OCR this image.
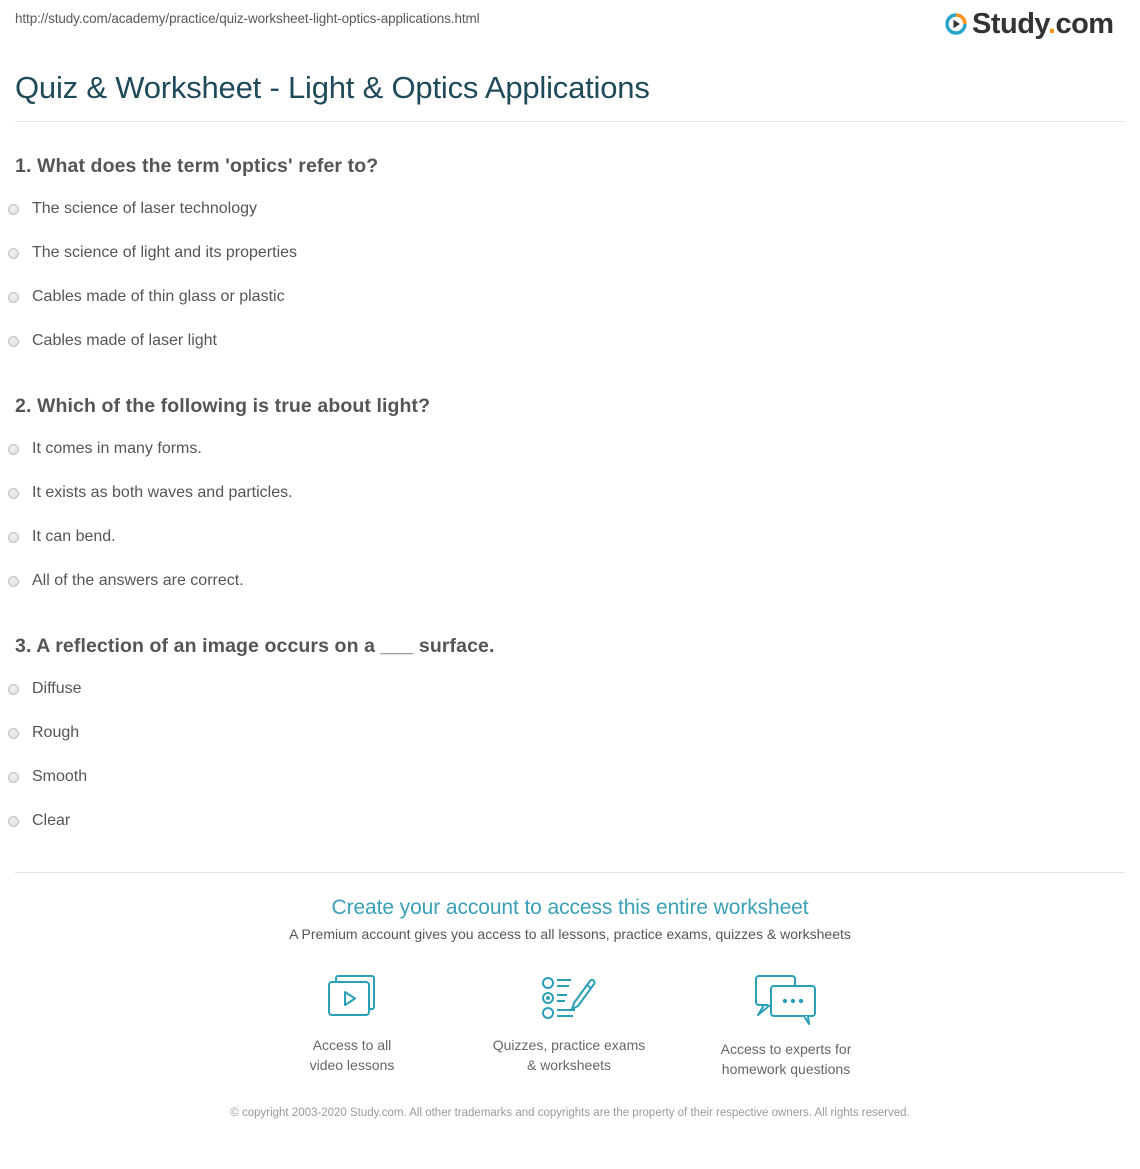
http://study.com/academy/practice/quiz-worksheet-light-optics-applications.html	Study.com
Quiz & Worksheet - Light & Optics Applications
1. What does the term 'optics' refer to?
The science of laser technology
The science of light and its properties
Cables made of thin glass or plastic
Cables made of laser light
2. Which of the following is true about light?
It comes in many forms.
It exists as both waves and particles.
It can bend.
All of the answers are correct.
3. A reflection of an image occurs on a ___ surface.
Diffuse
Rough
Smooth
Clear
Create your account to access this entire worksheet
A Premium account gives you access to all lessons, practice exams, quizzes & worksheets
Access to all
video lessons
Quizzes, practice exams
& worksheets
Access to experts for
homework questions
© copyright 2003-2020 Study.com. All other trademarks and copyrights are the property of their respective owners. All rights reserved.
